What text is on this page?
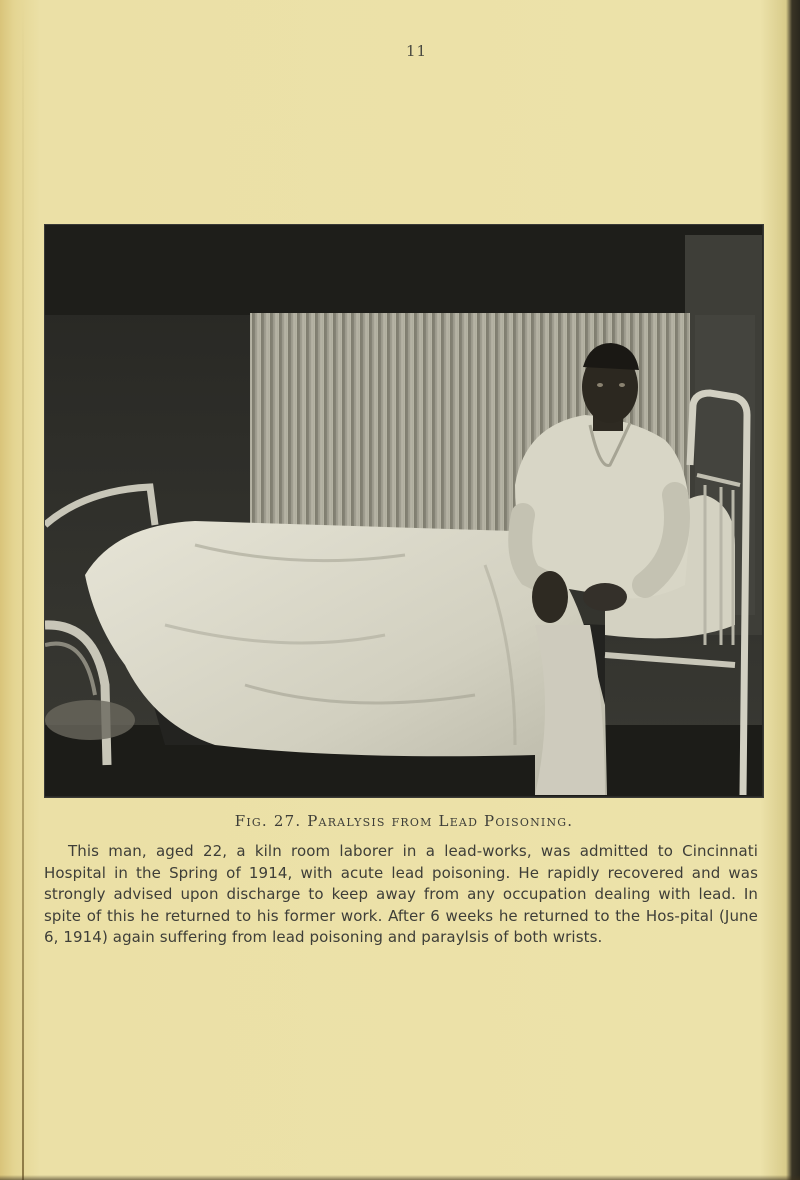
11
Fig. 27. Paralysis from Lead Poisoning.

This man, aged 22, a kiln room laborer in a lead-works, was admitted to Cincinnati Hospital in the Spring of 1914, with acute lead poisoning. He rapidly recovered and was strongly advised upon discharge to keep away from any occupation dealing with lead. In spite of this he returned to his former work. After 6 weeks he returned to the Hos-pital (June 6, 1914) again suffering from lead poisoning and paraylsis of both wrists.
